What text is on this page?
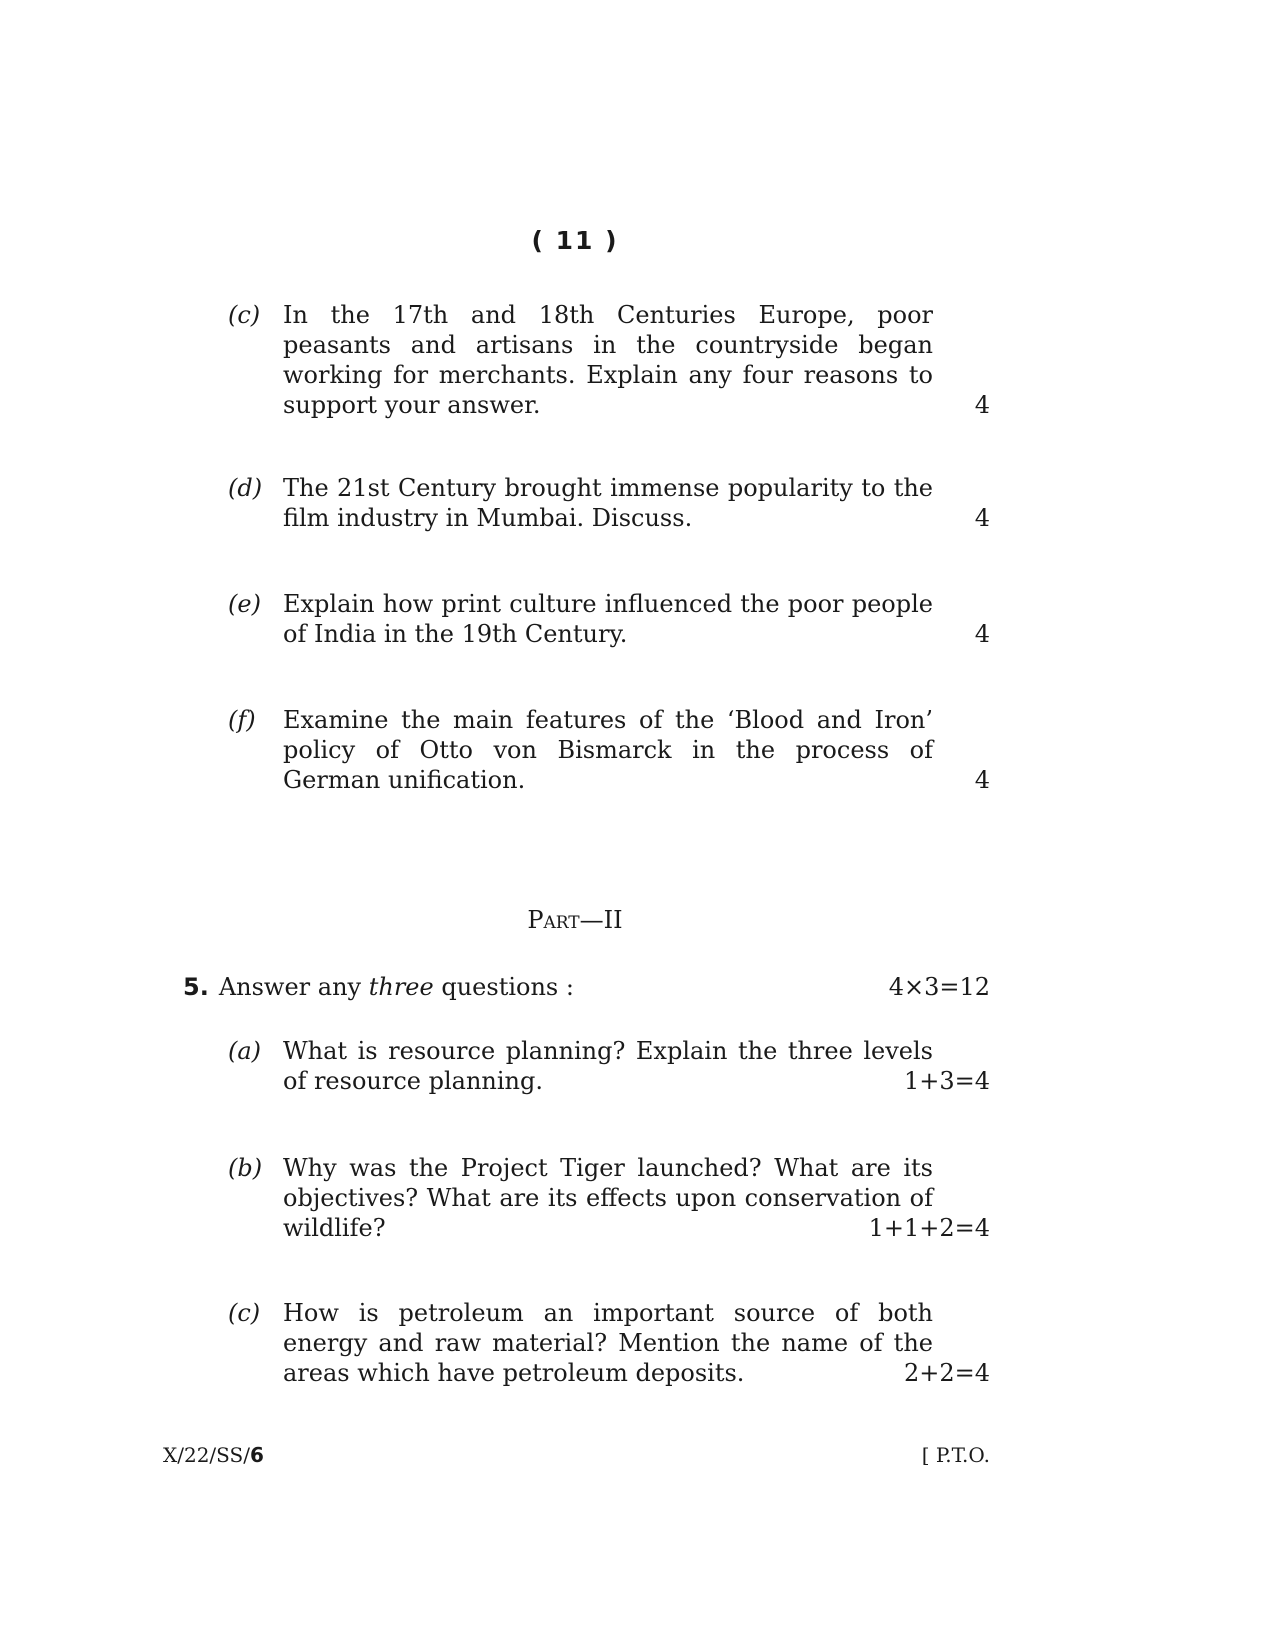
( 11 )
(c) In the 17th and 18th Centuries Europe, poor peasants and artisans in the countryside began working for merchants. Explain any four reasons to support your answer.	4
(d) The 21st Century brought immense popularity to the film industry in Mumbai. Discuss.	4
(e) Explain how print culture influenced the poor people of India in the 19th Century.	4
(f) Examine the main features of the ‘Blood and Iron’ policy of Otto von Bismarck in the process of German unification.	4
Part—II
5. Answer any three questions :	4×3=12
(a) What is resource planning? Explain the three levels of resource planning.	1+3=4
(b) Why was the Project Tiger launched? What are its objectives? What are its effects upon conservation of wildlife?	1+1+2=4
(c) How is petroleum an important source of both energy and raw material? Mention the name of the areas which have petroleum deposits.	2+2=4
X/22/SS/6	[ P.T.O.
